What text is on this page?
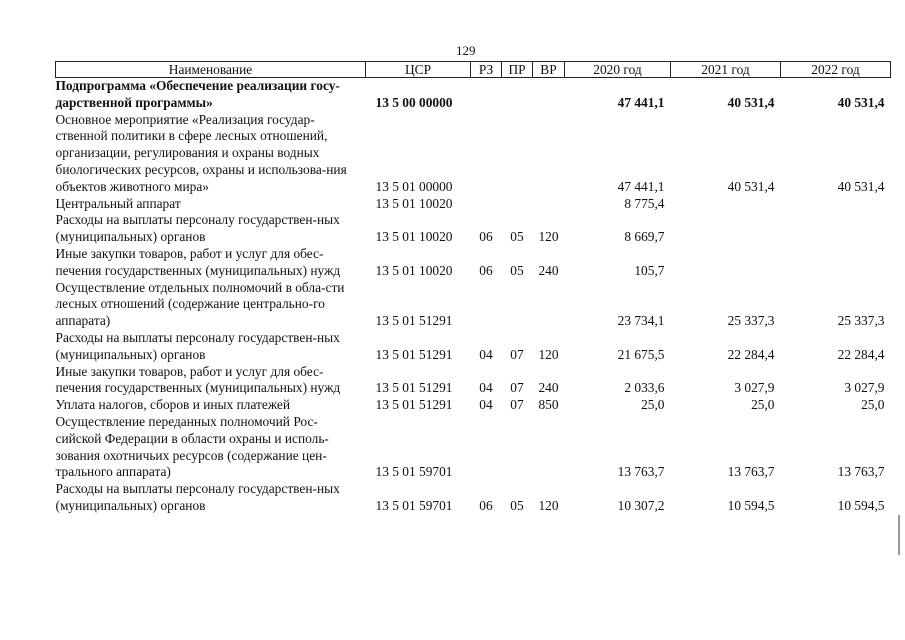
129
Наименование	ЦСР	РЗ	ПР	ВР	2020 год	2021 год	2022 год
Подпрограмма «Обеспечение реализации госу-дарственной программы»	13 5 00 00000				47 441,1	40 531,4	40 531,4
Основное мероприятие «Реализация государ-ственной политики в сфере лесных отношений, организации, регулирования и охраны водных биологических ресурсов, охраны и использова-ния объектов животного мира»	13 5 01 00000				47 441,1	40 531,4	40 531,4
Центральный аппарат	13 5 01 10020				8 775,4		
Расходы на выплаты персоналу государствен-ных (муниципальных) органов	13 5 01 10020	06	05	120	8 669,7		
Иные закупки товаров, работ и услуг для обес-печения государственных (муниципальных) нужд	13 5 01 10020	06	05	240	105,7		
Осуществление отдельных полномочий в обла-сти лесных отношений (содержание центрально-го аппарата)	13 5 01 51291				23 734,1	25 337,3	25 337,3
Расходы на выплаты персоналу государствен-ных (муниципальных) органов	13 5 01 51291	04	07	120	21 675,5	22 284,4	22 284,4
Иные закупки товаров, работ и услуг для обес-печения государственных (муниципальных) нужд	13 5 01 51291	04	07	240	2 033,6	3 027,9	3 027,9
Уплата налогов, сборов и иных платежей	13 5 01 51291	04	07	850	25,0	25,0	25,0
Осуществление переданных полномочий Рос-сийской Федерации в области охраны и исполь-зования охотничьих ресурсов (содержание цен-трального аппарата)	13 5 01 59701				13 763,7	13 763,7	13 763,7
Расходы на выплаты персоналу государствен-ных (муниципальных) органов	13 5 01 59701	06	05	120	10 307,2	10 594,5	10 594,5
